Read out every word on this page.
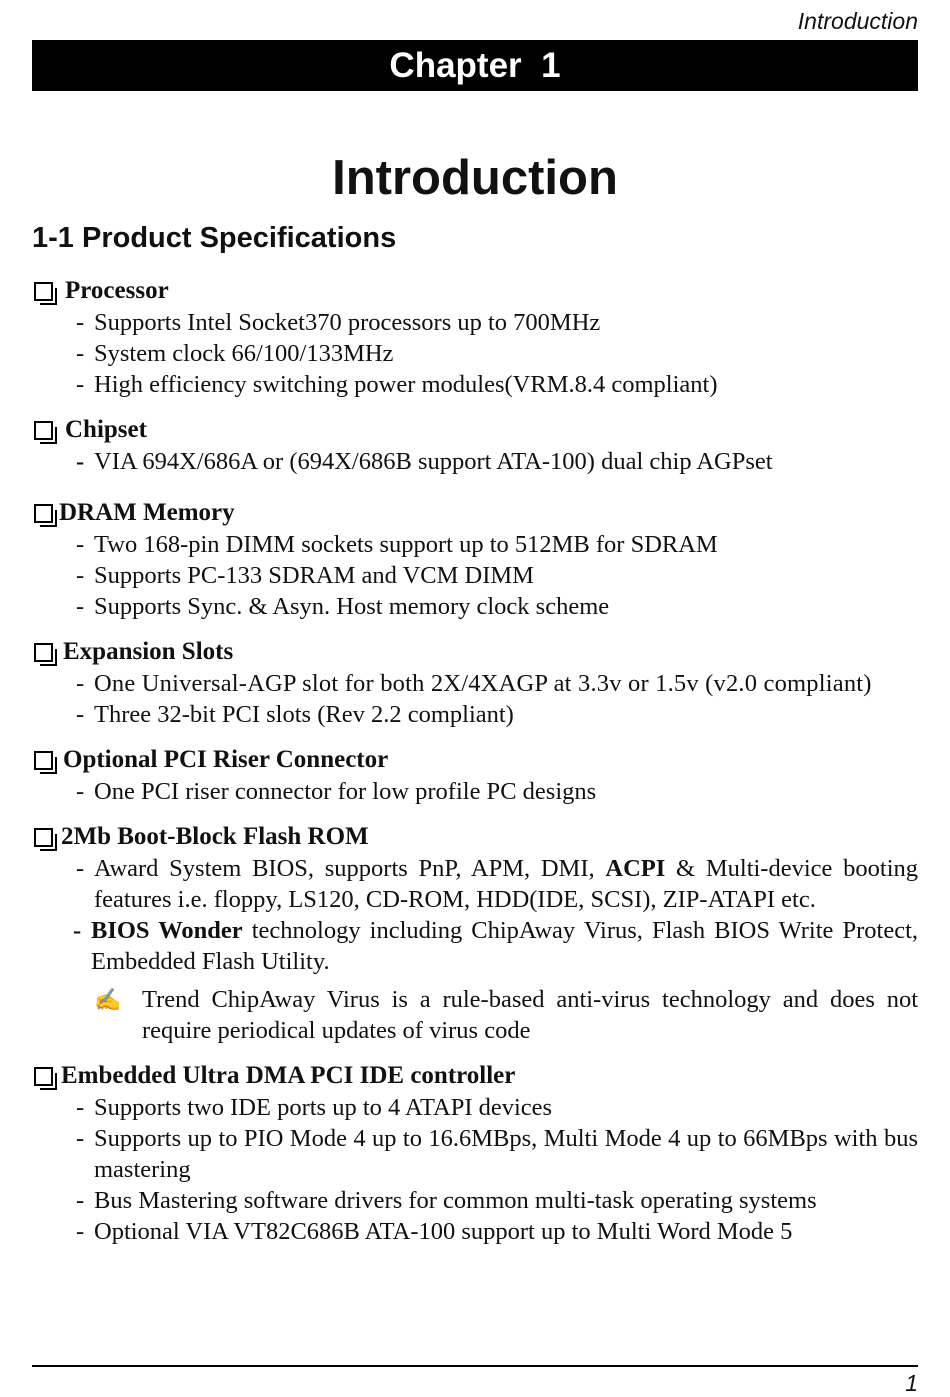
Introduction
Chapter  1
Introduction
1-1 Product Specifications
Processor
- Supports Intel Socket370 processors up to 700MHz
- System clock 66/100/133MHz
- High efficiency switching power modules(VRM.8.4 compliant)
Chipset
- VIA 694X/686A or (694X/686B support ATA-100) dual chip AGPset
DRAM Memory
- Two 168-pin DIMM sockets support up to 512MB for SDRAM
- Supports PC-133 SDRAM and VCM DIMM
- Supports Sync. & Asyn. Host memory clock scheme
Expansion Slots
- One Universal-AGP slot for both 2X/4XAGP at 3.3v or 1.5v (v2.0 compliant)
- Three 32-bit PCI slots (Rev 2.2 compliant)
Optional PCI Riser Connector
- One PCI riser connector for low profile PC designs
2Mb Boot-Block Flash ROM
- Award System BIOS, supports PnP, APM, DMI, ACPI & Multi-device booting features i.e. floppy, LS120, CD-ROM, HDD(IDE, SCSI), ZIP-ATAPI etc.
- BIOS Wonder technology including ChipAway Virus, Flash BIOS Write Protect, Embedded Flash Utility.
✍ Trend ChipAway Virus is a rule-based anti-virus technology and does not require periodical updates of virus code
Embedded Ultra DMA PCI IDE controller
- Supports two IDE ports up to 4 ATAPI devices
- Supports up to PIO Mode 4 up to 16.6MBps, Multi Mode 4 up to 66MBps with bus mastering
- Bus Mastering software drivers for common multi-task operating systems
- Optional VIA VT82C686B ATA-100 support up to Multi Word Mode 5
1
